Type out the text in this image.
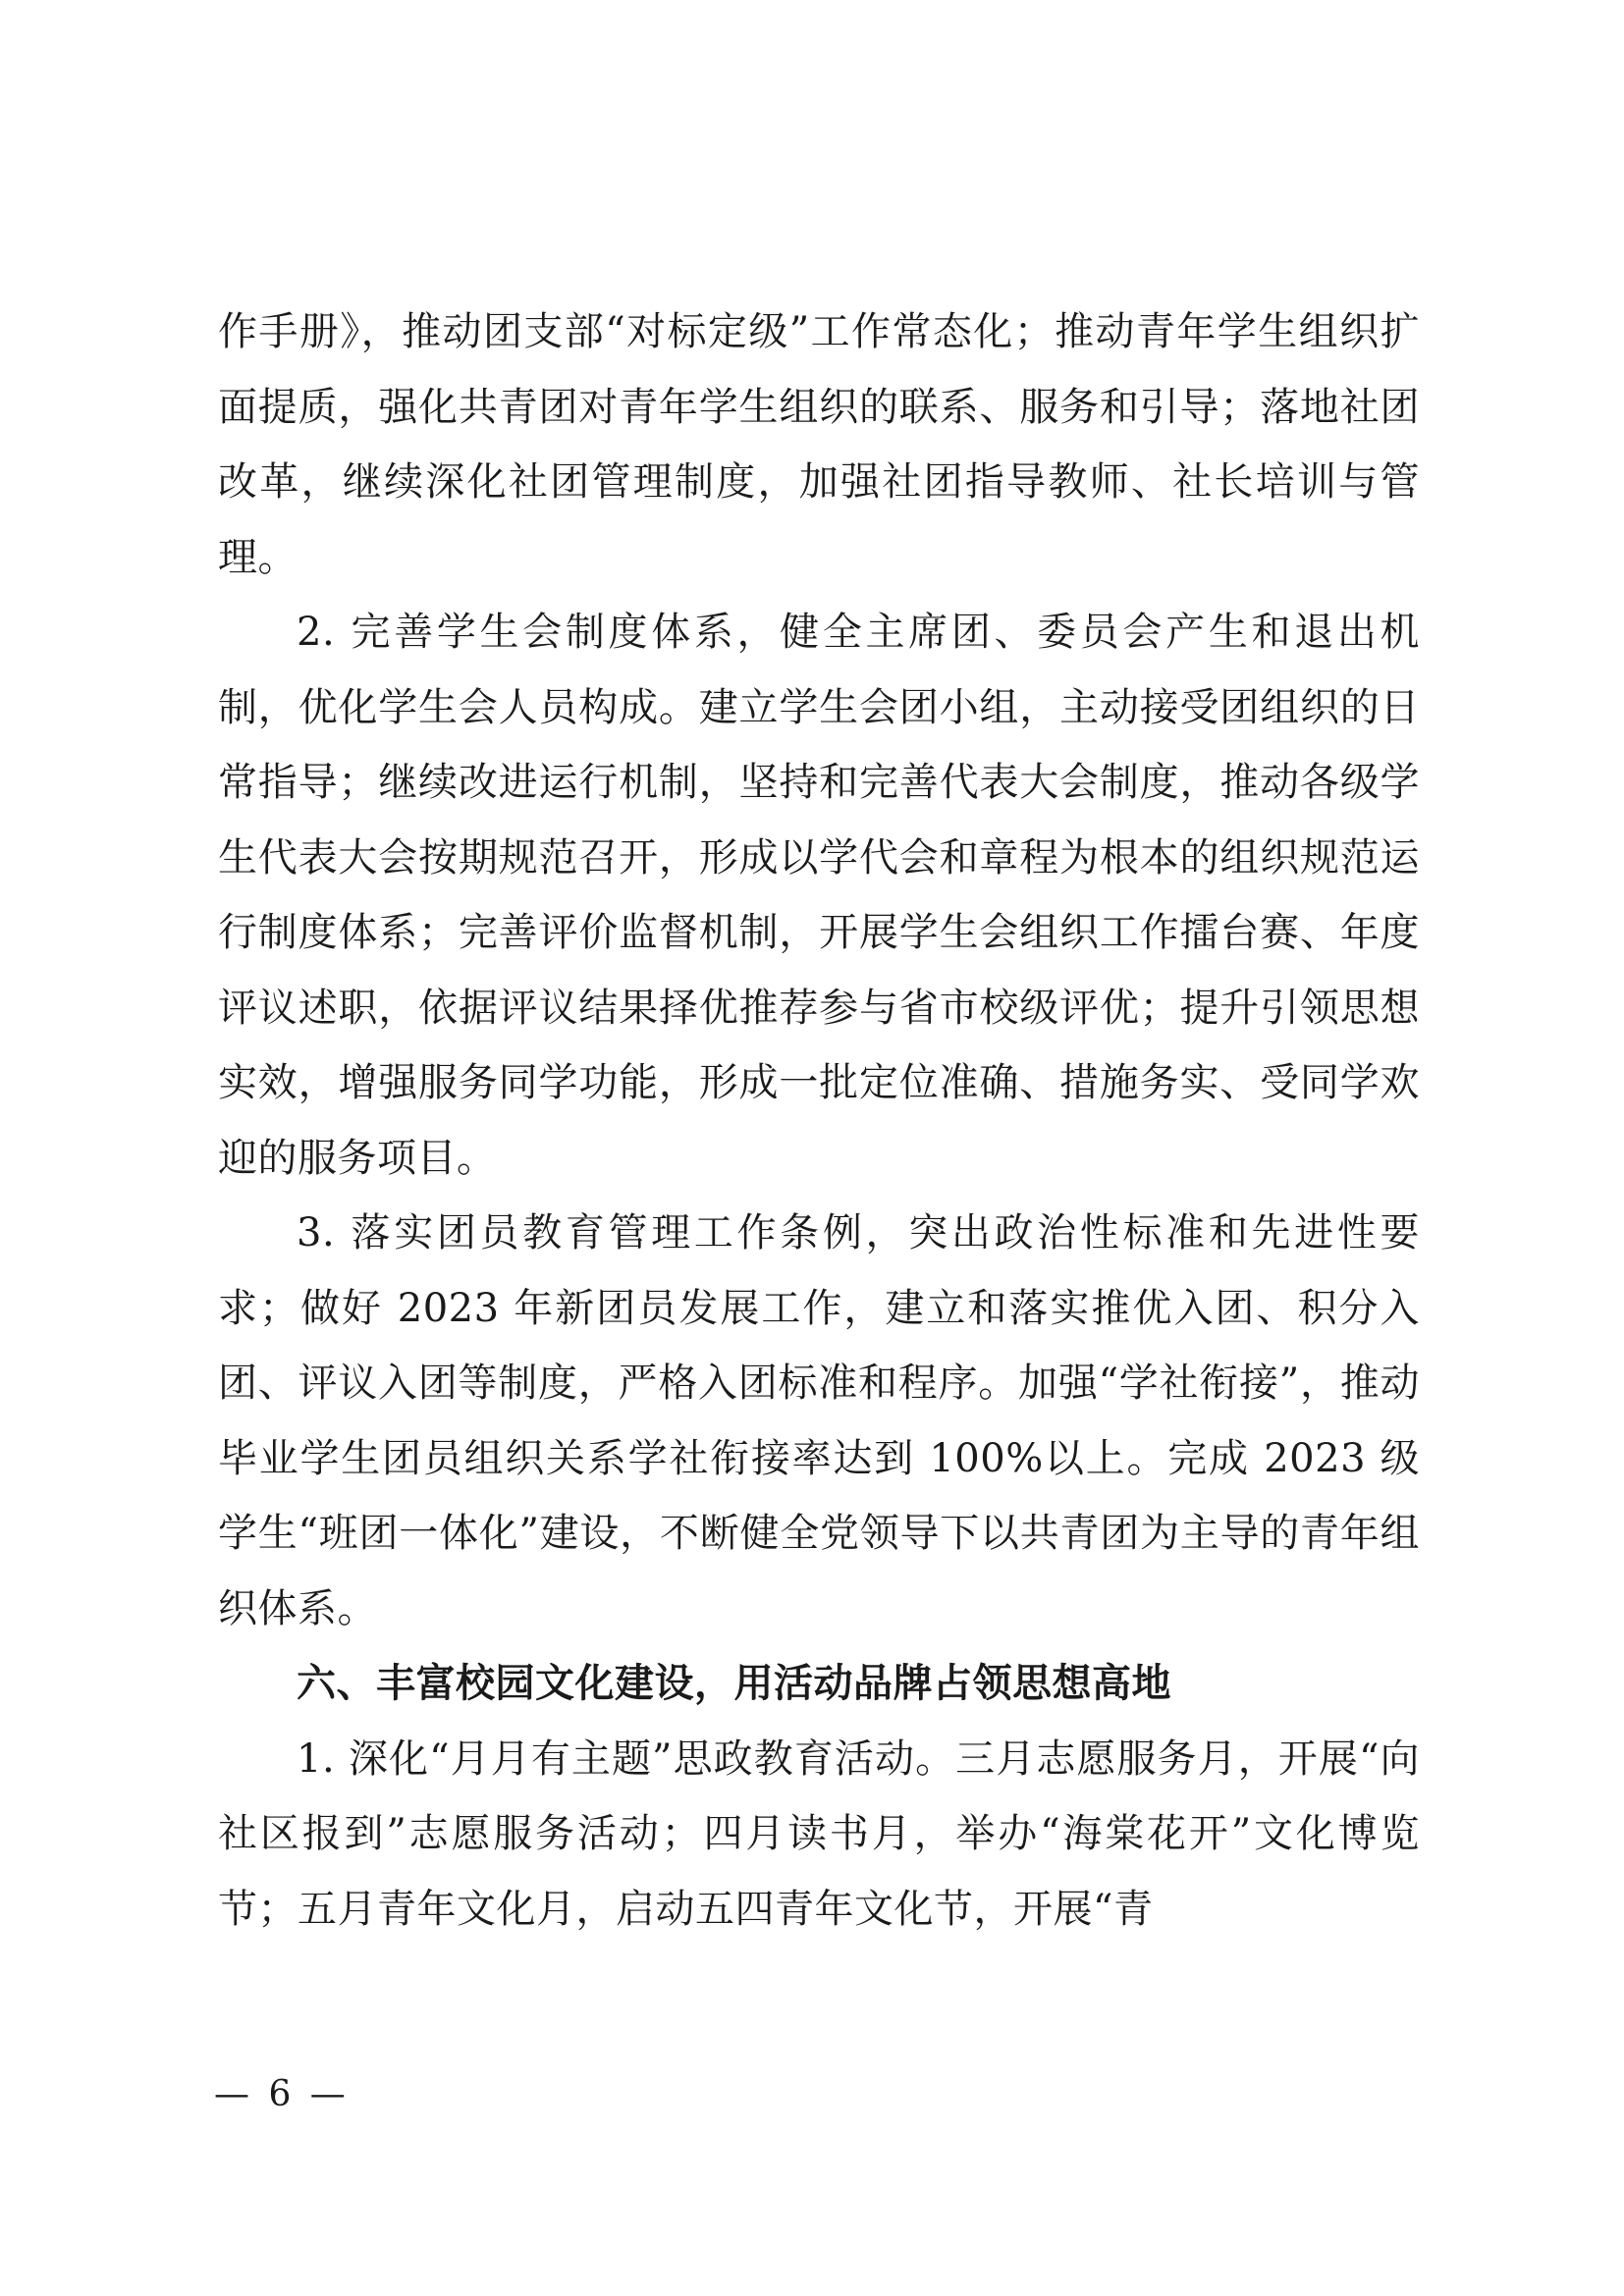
作手册》，推动团支部“对标定级”工作常态化；推动青年学生组织扩面提质，强化共青团对青年学生组织的联系、服务和引导；落地社团改革，继续深化社团管理制度，加强社团指导教师、社长培训与管理。

2. 完善学生会制度体系，健全主席团、委员会产生和退出机制，优化学生会人员构成。建立学生会团小组，主动接受团组织的日常指导；继续改进运行机制，坚持和完善代表大会制度，推动各级学生代表大会按期规范召开，形成以学代会和章程为根本的组织规范运行制度体系；完善评价监督机制，开展学生会组织工作擂台赛、年度评议述职，依据评议结果择优推荐参与省市校级评优；提升引领思想实效，增强服务同学功能，形成一批定位准确、措施务实、受同学欢迎的服务项目。

3. 落实团员教育管理工作条例，突出政治性标准和先进性要求；做好 2023 年新团员发展工作，建立和落实推优入团、积分入团、评议入团等制度，严格入团标准和程序。加强“学社衔接”，推动毕业学生团员组织关系学社衔接率达到 100%以上。完成 2023 级学生“班团一体化”建设，不断健全党领导下以共青团为主导的青年组织体系。

六、丰富校园文化建设，用活动品牌占领思想高地

1. 深化“月月有主题”思政教育活动。三月志愿服务月，开展“向社区报到”志愿服务活动；四月读书月，举办“海棠花开”文化博览节；五月青年文化月，启动五四青年文化节，开展“青

— 6 —
